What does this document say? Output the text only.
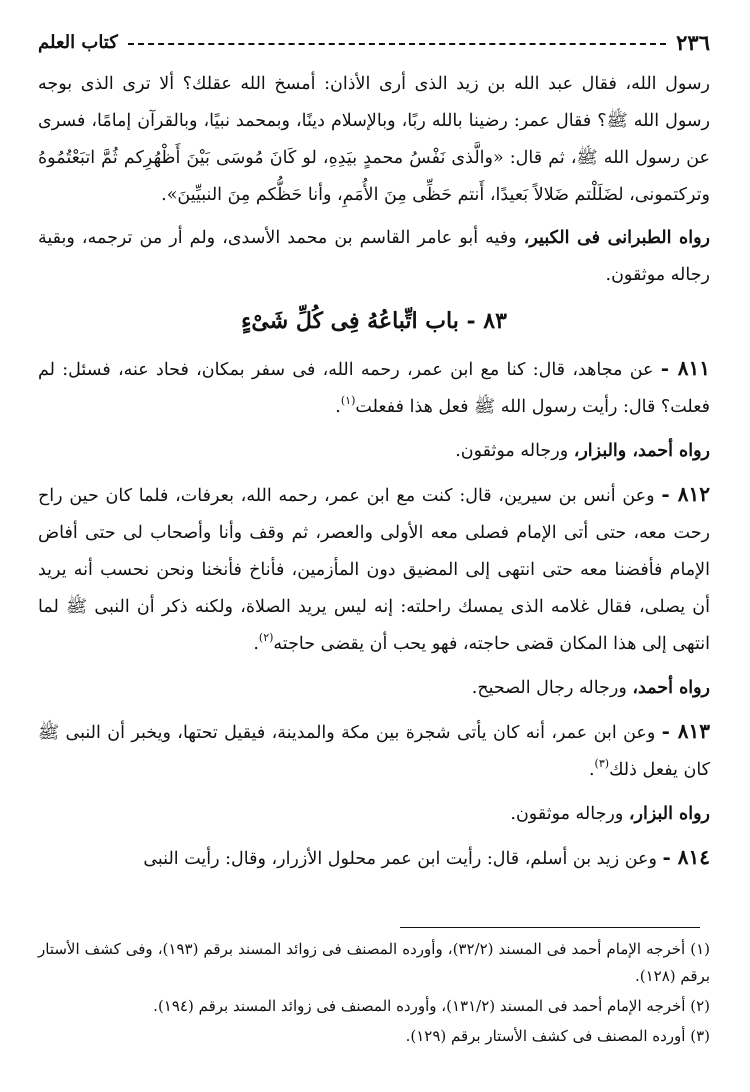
٢٣٦
كتاب العلم

رسول الله، فقال عبد الله بن زيد الذى أرى الأذان: أمسخ الله عقلك؟ ألا ترى الذى بوجه رسول الله ﷺ؟ فقال عمر: رضينا بالله ربًا، وبالإسلام دينًا، وبمحمد نبيًا، وبالقرآن إمامًا، فسرى عن رسول الله ﷺ، ثم قال: «والَّذى نَفْسُ محمدٍ بيَدِهِ، لو كَانَ مُوسَى بَيْنَ أَظْهُرِكم ثُمَّ اتبَعْتُمُوهُ وتركتمونى، لضَلَلْتم ضَلالاً بَعيدًا، أَنتم حَظِّى مِنَ الأُمَمِ، وأنا حَظُّكم مِنَ النبيِّينَ».

رواه الطبرانى فى الكبير، وفيه أبو عامر القاسم بن محمد الأسدى، ولم أر من ترجمه، وبقية رجاله موثقون.

٨٣ - باب اتِّباعُهُ فِى كُلِّ شَىْءٍ

٨١١ - عن مجاهد، قال: كنا مع ابن عمر، رحمه الله، فى سفر بمكان، فحاد عنه، فسئل: لم فعلت؟ قال: رأيت رسول الله ﷺ فعل هذا ففعلت$^{(١)}$.

رواه أحمد، والبزار، ورجاله موثقون.

٨١٢ - وعن أنس بن سيرين، قال: كنت مع ابن عمر، رحمه الله، بعرفات، فلما كان حين راح رحت معه، حتى أتى الإمام فصلى معه الأولى والعصر، ثم وقف وأنا وأصحاب لى حتى أفاض الإمام فأفضنا معه حتى انتهى إلى المضيق دون المأزمين، فأناخ فأنخنا ونحن نحسب أنه يريد أن يصلى، فقال غلامه الذى يمسك راحلته: إنه ليس يريد الصلاة، ولكنه ذكر أن النبى ﷺ لما انتهى إلى هذا المكان قضى حاجته، فهو يحب أن يقضى حاجته$^{(٢)}$.

رواه أحمد، ورجاله رجال الصحيح.

٨١٣ - وعن ابن عمر، أنه كان يأتى شجرة بين مكة والمدينة، فيقيل تحتها، ويخبر أن النبى ﷺ كان يفعل ذلك$^{(٣)}$.

رواه البزار، ورجاله موثقون.

٨١٤ - وعن زيد بن أسلم، قال: رأيت ابن عمر محلول الأزرار، وقال: رأيت النبى

(١) أخرجه الإمام أحمد فى المسند (٣٢/٢)، وأورده المصنف فى زوائد المسند برقم (١٩٣)، وفى كشف الأستار برقم (١٢٨).

(٢) أخرجه الإمام أحمد فى المسند (١٣١/٢)، وأورده المصنف فى زوائد المسند برقم (١٩٤).

(٣) أورده المصنف فى كشف الأستار برقم (١٢٩).
